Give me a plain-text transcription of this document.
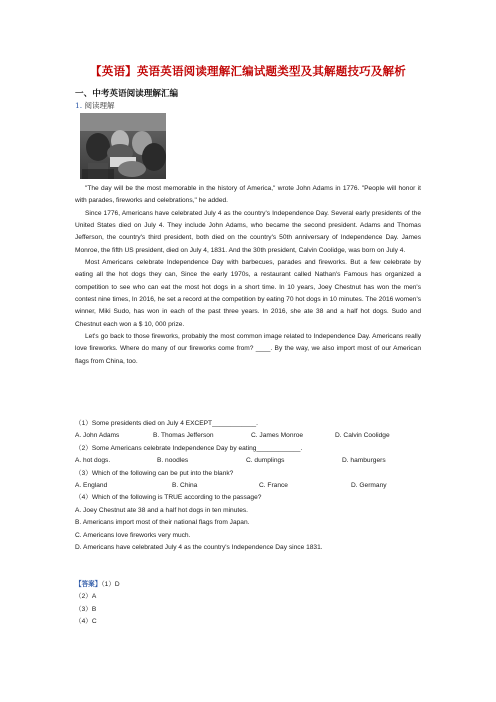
【英语】英语英语阅读理解汇编试题类型及其解题技巧及解析
一、中考英语阅读理解汇编
1. 阅读理解

"The day will be the most memorable in the history of America," wrote John Adams in 1776. "People will honor it with parades, fireworks and celebrations," he added.

Since 1776, Americans have celebrated July 4 as the country's Independence Day. Several early presidents of the United States died on July 4. They include John Adams, who became the second president. Adams and Thomas Jefferson, the country's third president, both died on the country's 50th anniversary of Independence Day. James Monroe, the fifth US president, died on July 4, 1831. And the 30th president, Calvin Coolidge, was born on July 4.

Most Americans celebrate Independence Day with barbecues, parades and fireworks. But a few celebrate by eating all the hot dogs they can, Since the early 1970s, a restaurant called Nathan's Famous has organized a competition to see who can eat the most hot dogs in a short time. In 10 years, Joey Chestnut has won the men's contest nine times, In 2016, he set a record at the competition by eating 70 hot dogs in 10 minutes. The 2016 women's winner, Miki Sudo, has won in each of the past three years. In 2016, she ate 38 and a half hot dogs. Sudo and Chestnut each won a $ 10, 000 prize.

Let's go back to those fireworks, probably the most common image related to Independence Day. Americans really love fireworks. Where do many of our fireworks come from? ____. By the way, we also import most of our American flags from China, too.

（1）Some presidents died on July 4 EXCEPT____________.

A. John Adams	B. Thomas Jefferson	C. James Monroe	D. Calvin Coolidge

（2）Some Americans celebrate Independence Day by eating____________.

A. hot dogs.	B. noodles	C. dumplings	D. hamburgers

（3）Which of the following can be put into the blank?

A. England	B. China	C. France	D. Germany

（4）Which of the following is TRUE according to the passage?

A. Joey Chestnut ate 38 and a half hot dogs in ten minutes.

B. Americans import most of their national flags from Japan.

C. Americans love fireworks very much.

D. Americans have celebrated July 4 as the country's Independence Day since 1831.

【答案】（1）D
（2）A
（3）B
（4）C
